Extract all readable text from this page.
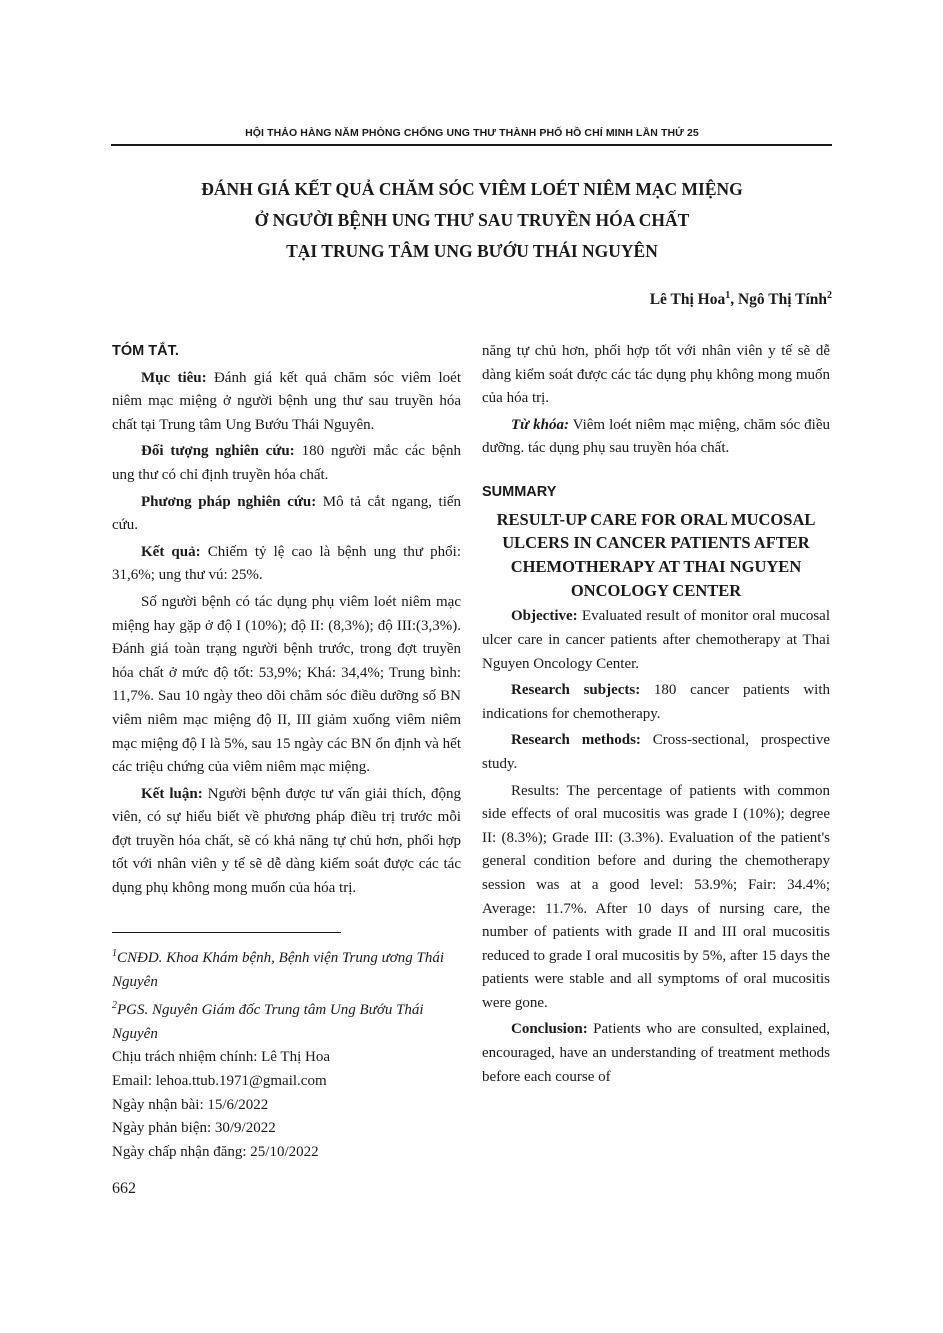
HỘI THẢO HÀNG NĂM PHÒNG CHỐNG UNG THƯ THÀNH PHỐ HỒ CHÍ MINH LẦN THỨ 25
ĐÁNH GIÁ KẾT QUẢ CHĂM SÓC VIÊM LOÉT NIÊM MẠC MIỆNG
Ở NGƯỜI BỆNH UNG THƯ SAU TRUYỀN HÓA CHẤT
TẠI TRUNG TÂM UNG BƯỚU THÁI NGUYÊN
Lê Thị Hoa$^1$, Ngô Thị Tính$^2$

TÓM TẮT.

Mục tiêu: Đánh giá kết quả chăm sóc viêm loét niêm mạc miệng ở người bệnh ung thư sau truyền hóa chất tại Trung tâm Ung Bướu Thái Nguyên.

Đối tượng nghiên cứu: 180 người mắc các bệnh ung thư có chỉ định truyền hóa chất.

Phương pháp nghiên cứu: Mô tả cắt ngang, tiến cứu.

Kết quả: Chiếm tỷ lệ cao là bệnh ung thư phổi: 31,6%; ung thư vú: 25%.

Số người bệnh có tác dụng phụ viêm loét niêm mạc miệng hay gặp ở độ I (10%); độ II: (8,3%); độ III:(3,3%). Đánh giá toàn trạng người bệnh trước, trong đợt truyền hóa chất ở mức độ tốt: 53,9%; Khá: 34,4%; Trung bình: 11,7%. Sau 10 ngày theo dõi chăm sóc điều dưỡng số BN viêm niêm mạc miệng độ II, III giảm xuống viêm niêm mạc miệng độ I là 5%, sau 15 ngày các BN ổn định và hết các triệu chứng của viêm niêm mạc miệng.

Kết luận: Người bệnh được tư vấn giải thích, động viên, có sự hiểu biết về phương pháp điều trị trước mỗi đợt truyền hóa chất, sẽ có khả năng tự chủ hơn, phối hợp tốt với nhân viên y tế sẽ dễ dàng kiểm soát được các tác dụng phụ không mong muốn của hóa trị.

$^1$CNĐD. Khoa Khám bệnh, Bệnh viện Trung ương Thái Nguyên
$^2$PGS. Nguyên Giám đốc Trung tâm Ung Bướu Thái Nguyên
Chịu trách nhiệm chính: Lê Thị Hoa
Email: lehoa.ttub.1971@gmail.com
Ngày nhận bài: 15/6/2022
Ngày phản biện: 30/9/2022
Ngày chấp nhận đăng: 25/10/2022

năng tự chủ hơn, phối hợp tốt với nhân viên y tế sẽ dễ dàng kiểm soát được các tác dụng phụ không mong muốn của hóa trị.

Từ khóa: Viêm loét niêm mạc miệng, chăm sóc điều dưỡng. tác dụng phụ sau truyền hóa chất.

SUMMARY

RESULT-UP CARE FOR ORAL MUCOSAL ULCERS IN CANCER PATIENTS AFTER CHEMOTHERAPY AT THAI NGUYEN ONCOLOGY CENTER

Objective: Evaluated result of monitor oral mucosal ulcer care in cancer patients after chemotherapy at Thai Nguyen Oncology Center.

Research subjects: 180 cancer patients with indications for chemotherapy.

Research methods: Cross-sectional, prospective study.

Results: The percentage of patients with common side effects of oral mucositis was grade I (10%); degree II: (8.3%); Grade III: (3.3%). Evaluation of the patient's general condition before and during the chemotherapy session was at a good level: 53.9%; Fair: 34.4%; Average: 11.7%. After 10 days of nursing care, the number of patients with grade II and III oral mucositis reduced to grade I oral mucositis by 5%, after 15 days the patients were stable and all symptoms of oral mucositis were gone.

Conclusion: Patients who are consulted, explained, encouraged, have an understanding of treatment methods before each course of

662
